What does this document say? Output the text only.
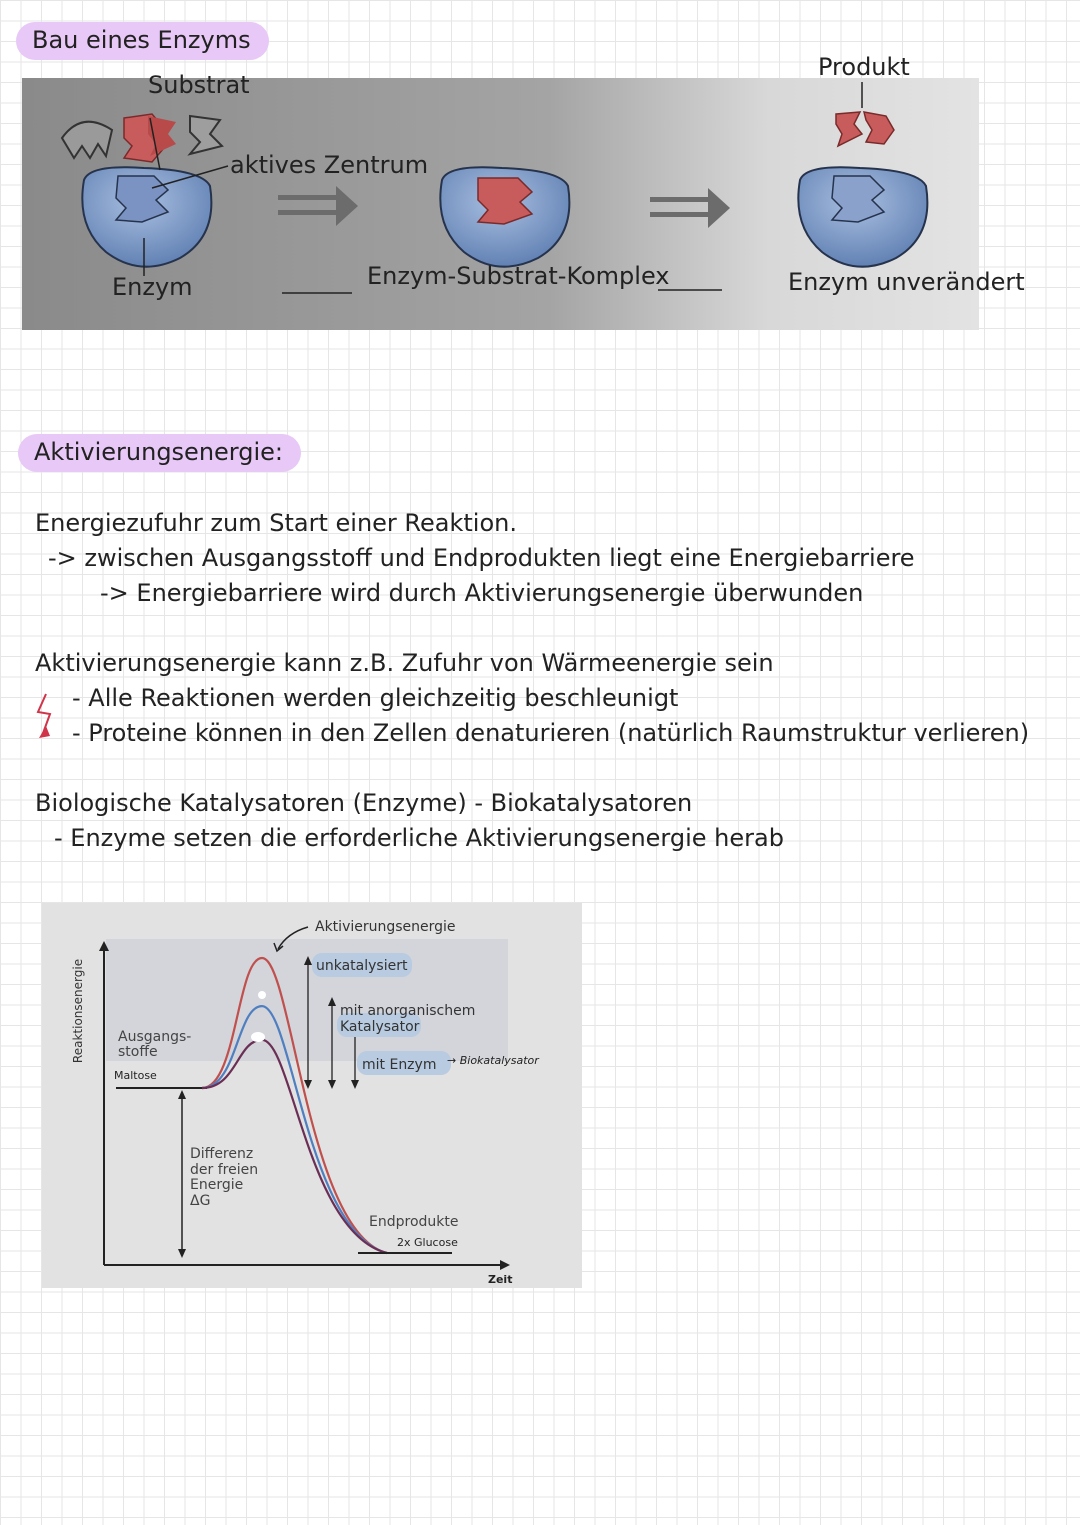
Bau eines Enzyms
Substrat
aktives Zentrum
Enzym	Enzym-Substrat-Komplex
Produkt
Enzym unverändert
Aktivierungsenergie:
Energiezufuhr zum Start einer Reaktion.
-> zwischen Ausgangsstoff und Endprodukten liegt eine Energiebarriere
-> Energiebarriere wird durch Aktivierungsenergie überwunden
Aktivierungsenergie kann z.B. Zufuhr von Wärmeenergie sein
- Alle Reaktionen werden gleichzeitig beschleunigt
- Proteine können in den Zellen denaturieren (natürlich Raumstruktur verlieren)
Biologische Katalysatoren (Enzyme) - Biokatalysatoren
- Enzyme setzen die erforderliche Aktivierungsenergie herab
Reaktionsenergie
Zeit
unkatalysiert
mit anorganischem
Katalysator
mit Enzym → Biokatalysator
Aktivierungsenergie
Ausgangs-
stoffe
Maltose
Differenz
der freien
Energie
ΔG
Endprodukte
2x Glucose
